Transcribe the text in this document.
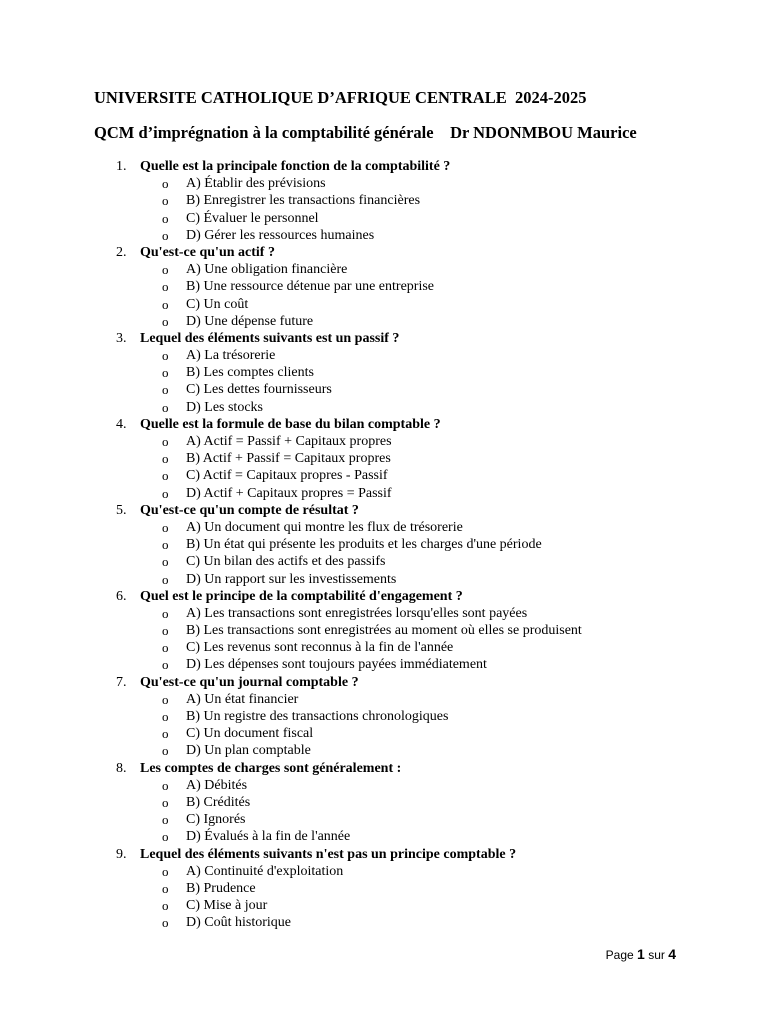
UNIVERSITE CATHOLIQUE D’AFRIQUE CENTRALE  2024-2025
QCM d’imprégnation à la comptabilité générale    Dr NDONMBOU Maurice
1. Quelle est la principale fonction de la comptabilité ?
o A) Établir des prévisions
o B) Enregistrer les transactions financières
o C) Évaluer le personnel
o D) Gérer les ressources humaines
2. Qu'est-ce qu'un actif ?
o A) Une obligation financière
o B) Une ressource détenue par une entreprise
o C) Un coût
o D) Une dépense future
3. Lequel des éléments suivants est un passif ?
o A) La trésorerie
o B) Les comptes clients
o C) Les dettes fournisseurs
o D) Les stocks
4. Quelle est la formule de base du bilan comptable ?
o A) Actif = Passif + Capitaux propres
o B) Actif + Passif = Capitaux propres
o C) Actif = Capitaux propres - Passif
o D) Actif + Capitaux propres = Passif
5. Qu'est-ce qu'un compte de résultat ?
o A) Un document qui montre les flux de trésorerie
o B) Un état qui présente les produits et les charges d'une période
o C) Un bilan des actifs et des passifs
o D) Un rapport sur les investissements
6. Quel est le principe de la comptabilité d'engagement ?
o A) Les transactions sont enregistrées lorsqu'elles sont payées
o B) Les transactions sont enregistrées au moment où elles se produisent
o C) Les revenus sont reconnus à la fin de l'année
o D) Les dépenses sont toujours payées immédiatement
7. Qu'est-ce qu'un journal comptable ?
o A) Un état financier
o B) Un registre des transactions chronologiques
o C) Un document fiscal
o D) Un plan comptable
8. Les comptes de charges sont généralement :
o A) Débités
o B) Crédités
o C) Ignorés
o D) Évalués à la fin de l'année
9. Lequel des éléments suivants n'est pas un principe comptable ?
o A) Continuité d'exploitation
o B) Prudence
o C) Mise à jour
o D) Coût historique
Page 1 sur 4
